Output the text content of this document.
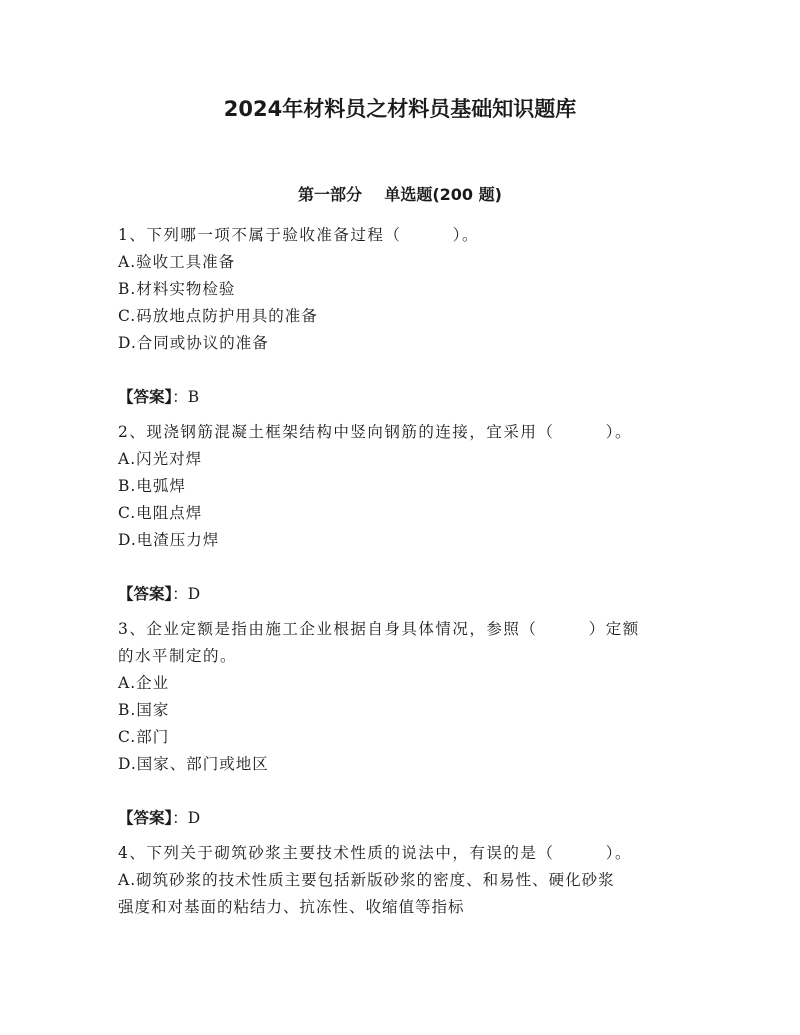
2024年材料员之材料员基础知识题库
第一部分    单选题(200 题)
1、下列哪一项不属于验收准备过程（        ）。
A.验收工具准备
B.材料实物检验
C.码放地点防护用具的准备
D.合同或协议的准备
【答案】：B
2、现浇钢筋混凝土框架结构中竖向钢筋的连接，宜采用（        ）。
A.闪光对焊
B.电弧焊
C.电阻点焊
D.电渣压力焊
【答案】：D
3、企业定额是指由施工企业根据自身具体情况，参照（        ）定额
的水平制定的。
A.企业
B.国家
C.部门
D.国家、部门或地区
【答案】：D
4、下列关于砌筑砂浆主要技术性质的说法中，有误的是（        ）。
A.砌筑砂浆的技术性质主要包括新版砂浆的密度、和易性、硬化砂浆
强度和对基面的粘结力、抗冻性、收缩值等指标
